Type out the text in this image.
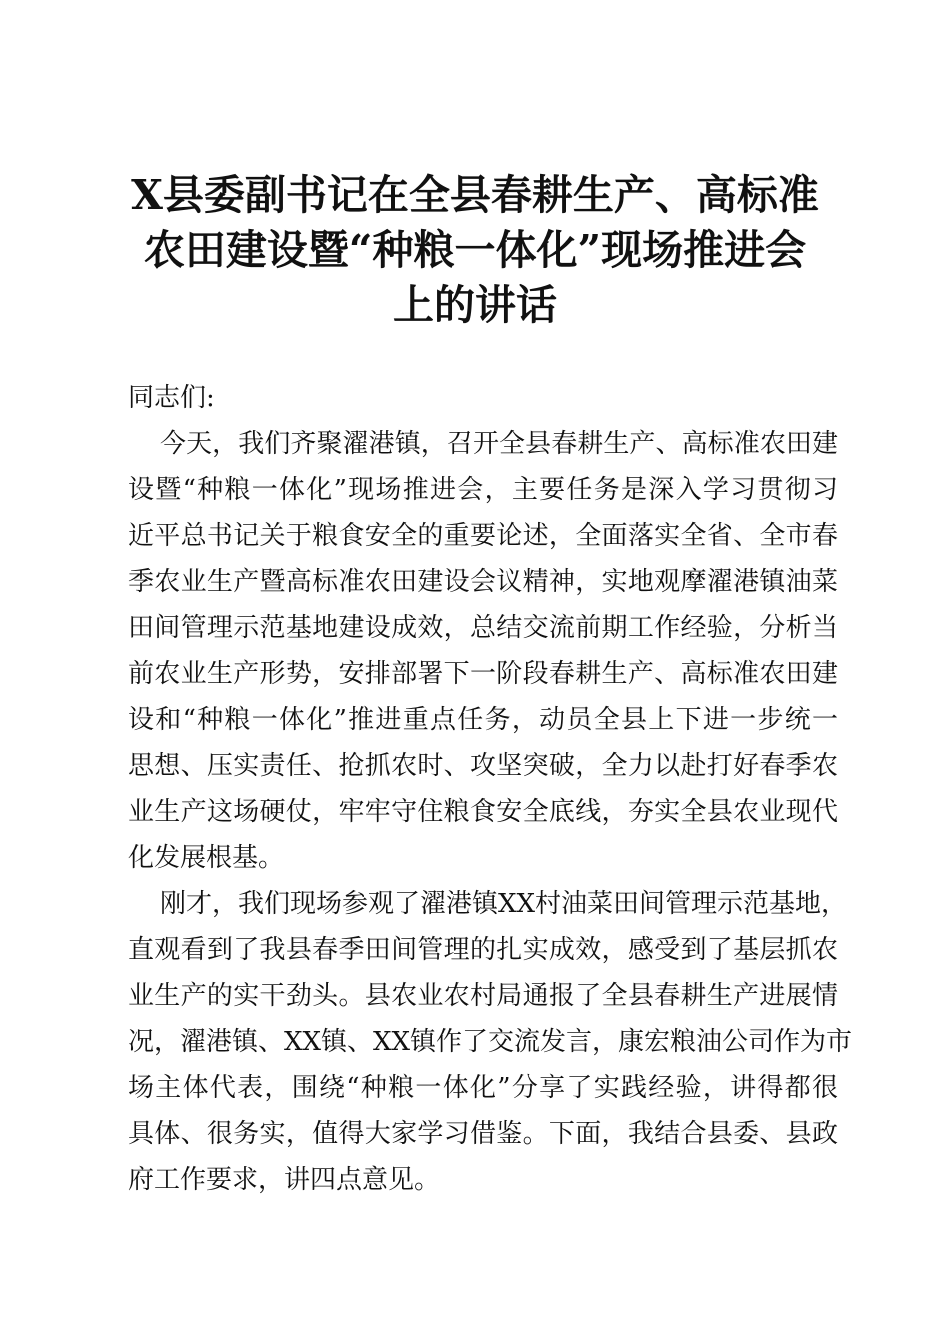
X县委副书记在全县春耕生产、高标准
农田建设暨“种粮一体化”现场推进会
上的讲话
同志们:
今天，我们齐聚濯港镇，召开全县春耕生产、高标准农田建
设暨“种粮一体化”现场推进会，主要任务是深入学习贯彻习
近平总书记关于粮食安全的重要论述，全面落实全省、全市春
季农业生产暨高标准农田建设会议精神，实地观摩濯港镇油菜
田间管理示范基地建设成效，总结交流前期工作经验，分析当
前农业生产形势，安排部署下一阶段春耕生产、高标准农田建
设和“种粮一体化”推进重点任务，动员全县上下进一步统一
思想、压实责任、抢抓农时、攻坚突破，全力以赴打好春季农
业生产这场硬仗，牢牢守住粮食安全底线，夯实全县农业现代
化发展根基。
刚才，我们现场参观了濯港镇XX村油菜田间管理示范基地，
直观看到了我县春季田间管理的扎实成效，感受到了基层抓农
业生产的实干劲头。县农业农村局通报了全县春耕生产进展情
况，濯港镇、XX镇、XX镇作了交流发言，康宏粮油公司作为市
场主体代表，围绕“种粮一体化”分享了实践经验，讲得都很
具体、很务实，值得大家学习借鉴。下面，我结合县委、县政
府工作要求，讲四点意见。
